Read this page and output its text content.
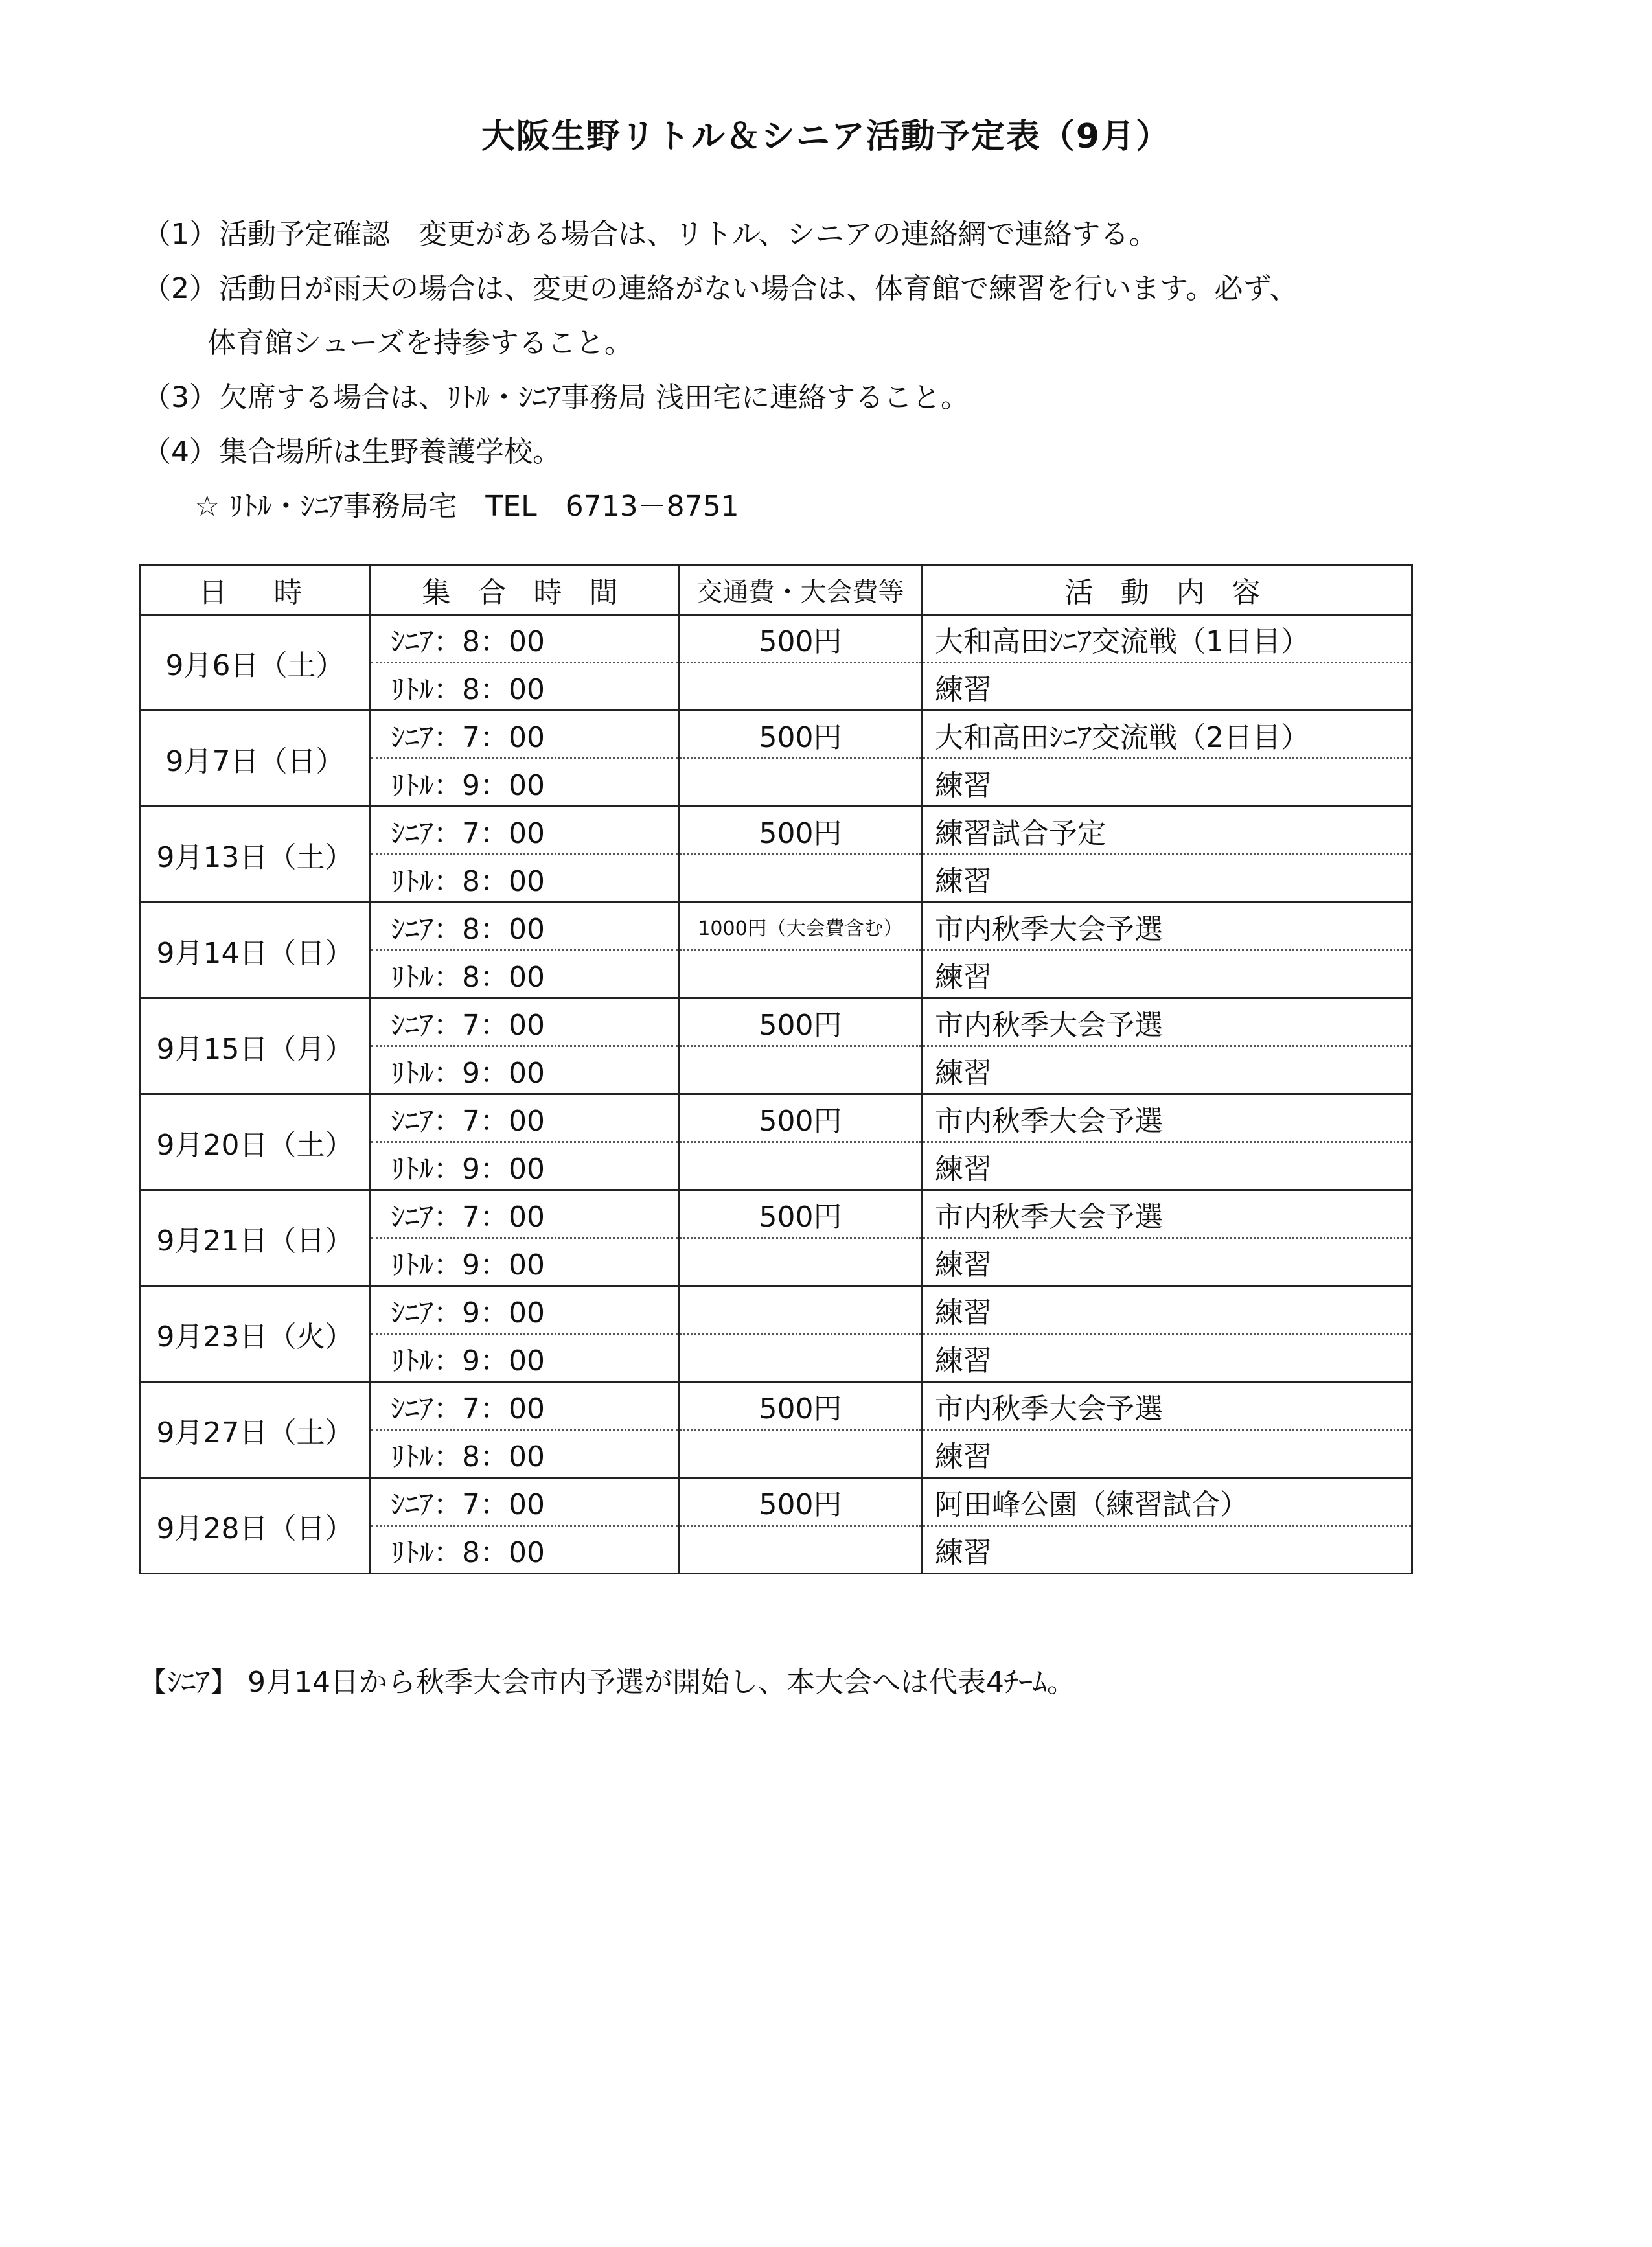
大阪生野リトル＆シニア活動予定表（9月）
（1） 活動予定確認　変更がある場合は、リトル、シニアの連絡網で連絡する。
（2） 活動日が雨天の場合は、変更の連絡がない場合は、体育館で練習を行います。必ず、
体育館シューズを持参すること。
（3） 欠席する場合は、ﾘﾄﾙ・ｼﾆｱ事務局 浅田宅に連絡すること。
（4） 集合場所は生野養護学校。
☆ ﾘﾄﾙ・ｼﾆｱ事務局宅　TEL　6713－8751
日　時	集 合 時 間	交通費・大会費等	活 動 内 容
9月6日（土）	ｼﾆｱ：8：00	500円	大和高田ｼﾆｱ交流戦（1日目）
	ﾘﾄﾙ：8：00		練習
9月7日（日）	ｼﾆｱ：7：00	500円	大和高田ｼﾆｱ交流戦（2日目）
	ﾘﾄﾙ：9：00		練習
9月13日（土）	ｼﾆｱ：7：00	500円	練習試合予定
	ﾘﾄﾙ：8：00		練習
9月14日（日）	ｼﾆｱ：8：00	1000円（大会費含む）	市内秋季大会予選
	ﾘﾄﾙ：8：00		練習
9月15日（月）	ｼﾆｱ：7：00	500円	市内秋季大会予選
	ﾘﾄﾙ：9：00		練習
9月20日（土）	ｼﾆｱ：7：00	500円	市内秋季大会予選
	ﾘﾄﾙ：9：00		練習
9月21日（日）	ｼﾆｱ：7：00	500円	市内秋季大会予選
	ﾘﾄﾙ：9：00		練習
9月23日（火）	ｼﾆｱ：9：00		練習
	ﾘﾄﾙ：9：00		練習
9月27日（土）	ｼﾆｱ：7：00	500円	市内秋季大会予選
	ﾘﾄﾙ：8：00		練習
9月28日（日）	ｼﾆｱ：7：00	500円	阿田峰公園（練習試合）
	ﾘﾄﾙ：8：00		練習
【ｼﾆｱ】 9月14日から秋季大会市内予選が開始し、本大会へは代表4ﾁｰﾑ。
